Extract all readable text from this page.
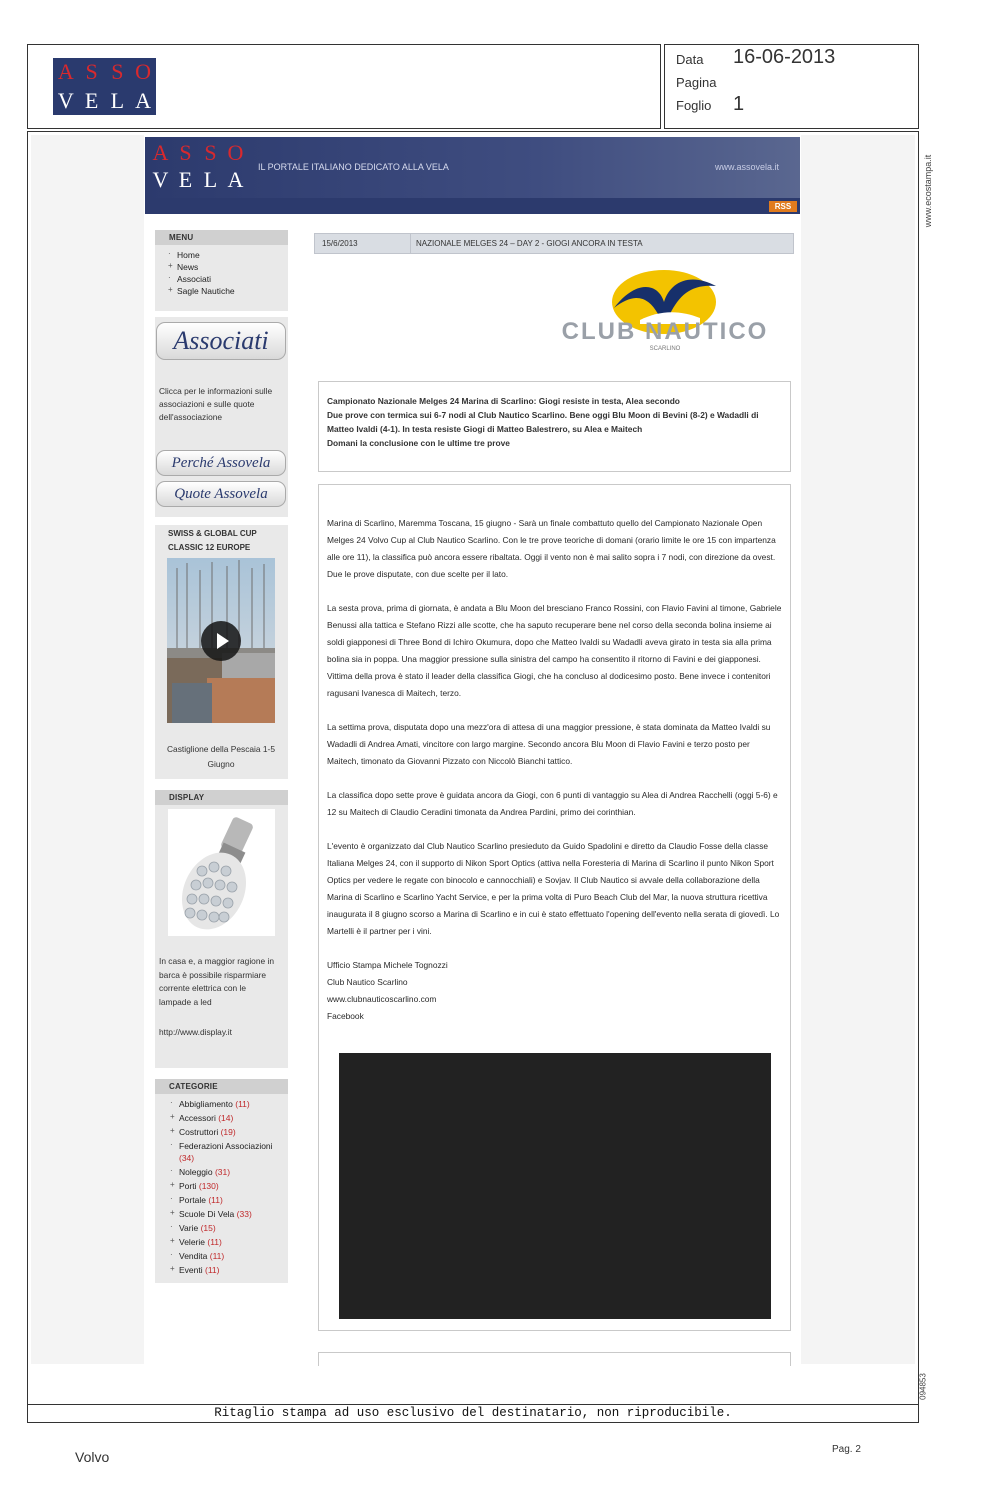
A S S O
V E L A
Data 16-06-2013
Pagina
Foglio 1
Ritaglio stampa ad uso esclusivo del destinatario, non riproducibile.
www.ecostampa.it
094853
A S S O
V E L A	IL PORTALE ITALIANO DEDICATO ALLA VELA	www.assovela.it
RSS
MENU
· Home
+ News
· Associati
+ Sagle Nautiche
Associati
Clicca per le informazioni sulle associazioni e sulle quote dell'associazione
Perché Assovela
Quote Assovela
SWISS & GLOBAL CUP CLASSIC 12 EUROPE
Castiglione della Pescaia 1-5 Giugno
DISPLAY
In casa e, a maggior ragione in barca è possibile risparmiare corrente elettrica con le lampade a led
http://www.display.it
CATEGORIE
· Abbigliamento (11)
+ Accessori (14)
+ Costruttori (19)
· Federazioni Associazioni (34)
· Noleggio (31)
+ Porti (130)
· Portale (11)
+ Scuole Di Vela (33)
· Varie (15)
+ Velerie (11)
· Vendita (11)
+ Eventi (11)
15/6/2013	NAZIONALE MELGES 24 – DAY 2 - GIOGI ANCORA IN TESTA
CLUB NAUTICO
SCARLINO
Campionato Nazionale Melges 24 Marina di Scarlino: Giogi resiste in testa, Alea secondo
Due prove con termica sui 6-7 nodi al Club Nautico Scarlino. Bene oggi Blu Moon di Bevini (8-2) e Wadadli di Matteo Ivaldi (4-1). In testa resiste Giogi di Matteo Balestrero, su Alea e Maitech
Domani la conclusione con le ultime tre prove

Marina di Scarlino, Maremma Toscana, 15 giugno - Sarà un finale combattuto quello del Campionato Nazionale Open Melges 24 Volvo Cup al Club Nautico Scarlino. Con le tre prove teoriche di domani (orario limite le ore 15 con impartenza alle ore 11), la classifica può ancora essere ribaltata. Oggi il vento non è mai salito sopra i 7 nodi, con direzione da ovest. Due le prove disputate, con due scelte per il lato.

La sesta prova, prima di giornata, è andata a Blu Moon del bresciano Franco Rossini, con Flavio Favini al timone, Gabriele Benussi alla tattica e Stefano Rizzi alle scotte, che ha saputo recuperare bene nel corso della seconda bolina insieme ai soldi giapponesi di Three Bond di Ichiro Okumura, dopo che Matteo Ivaldi su Wadadli aveva girato in testa sia alla prima bolina sia in poppa. Una maggior pressione sulla sinistra del campo ha consentito il ritorno di Favini e dei giapponesi. Vittima della prova è stato il leader della classifica Giogi, che ha concluso al dodicesimo posto. Bene invece i contenitori ragusani Ivanesca di Maitech, terzo.

La settima prova, disputata dopo una mezz'ora di attesa di una maggior pressione, è stata dominata da Matteo Ivaldi su Wadadli di Andrea Amati, vincitore con largo margine. Secondo ancora Blu Moon di Flavio Favini e terzo posto per Maitech, timonato da Giovanni Pizzato con Niccolò Bianchi tattico.

La classifica dopo sette prove è guidata ancora da Giogi, con 6 punti di vantaggio su Alea di Andrea Racchelli (oggi 5-6) e 12 su Maitech di Claudio Ceradini timonata da Andrea Pardini, primo dei corinthian.

L'evento è organizzato dal Club Nautico Scarlino presieduto da Guido Spadolini e diretto da Claudio Fosse della classe Italiana Melges 24, con il supporto di Nikon Sport Optics (attiva nella Foresteria di Marina di Scarlino il punto Nikon Sport Optics per vedere le regate con binocolo e cannocchiali) e Sovjav. Il Club Nautico si avvale della collaborazione della Marina di Scarlino e Scarlino Yacht Service, e per la prima volta di Puro Beach Club del Mar, la nuova struttura ricettiva inaugurata il 8 giugno scorso a Marina di Scarlino e in cui è stato effettuato l'opening dell'evento nella serata di giovedì. Lo Martelli è il partner per i vini.

Ufficio Stampa Michele Tognozzi
Club Nautico Scarlino
www.clubnauticoscarlino.com
Facebook
Volvo	Pag. 2
